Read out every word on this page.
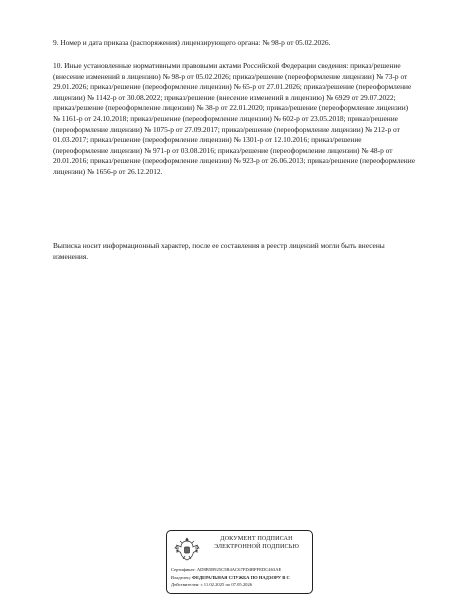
9. Номер и дата приказа (распоряжения) лицензирующего органа: № 98-р от 05.02.2026.

10. Иные установленные нормативными правовыми актами Российской Федерации сведения: приказ/решение (внесение изменений в лицензию) № 98-р от 05.02.2026; приказ/решение (переоформление лицензии) № 73-р от 29.01.2026; приказ/решение (переоформление лицензии) № 65-р от 27.01.2026; приказ/решение (переоформление лицензии) № 1142-р от 30.08.2022; приказ/решение (внесение изменений в лицензию) № 6929 от 29.07.2022; приказ/решение (переоформление лицензии) № 38-р от 22.01.2020; приказ/решение (переоформление лицензии) № 1161-р от 24.10.2018; приказ/решение (переоформление лицензии) № 602-р от 23.05.2018; приказ/решение (переоформление лицензии) № 1075-р от 27.09.2017; приказ/решение (переоформление лицензии) № 212-р от 01.03.2017; приказ/решение (переоформление лицензии) № 1301-р от 12.10.2016; приказ/решение (переоформление лицензии) № 971-р от 03.08.2016; приказ/решение (переоформление лицензии) № 48-р от 20.01.2016; приказ/решение (переоформление лицензии) № 923-р от 26.06.2013; приказ/решение (переоформление лицензии) № 1656-р от 26.12.2012.

Выписка носит информационный характер, после ее составления в реестр лицензий могли быть внесены изменения.

ДОКУМЕНТ ПОДПИСАН
ЭЛЕКТРОННОЙ ПОДПИСЬЮ
Сертификат: AD8B5B925C5B4AC67FD4BFFEDC463AE
Владелец: ФЕДЕРАЛЬНАЯ СЛУЖБА ПО НАДЗОРУ В С
Действителен: с 11.02.2025 по 07.05.2026
